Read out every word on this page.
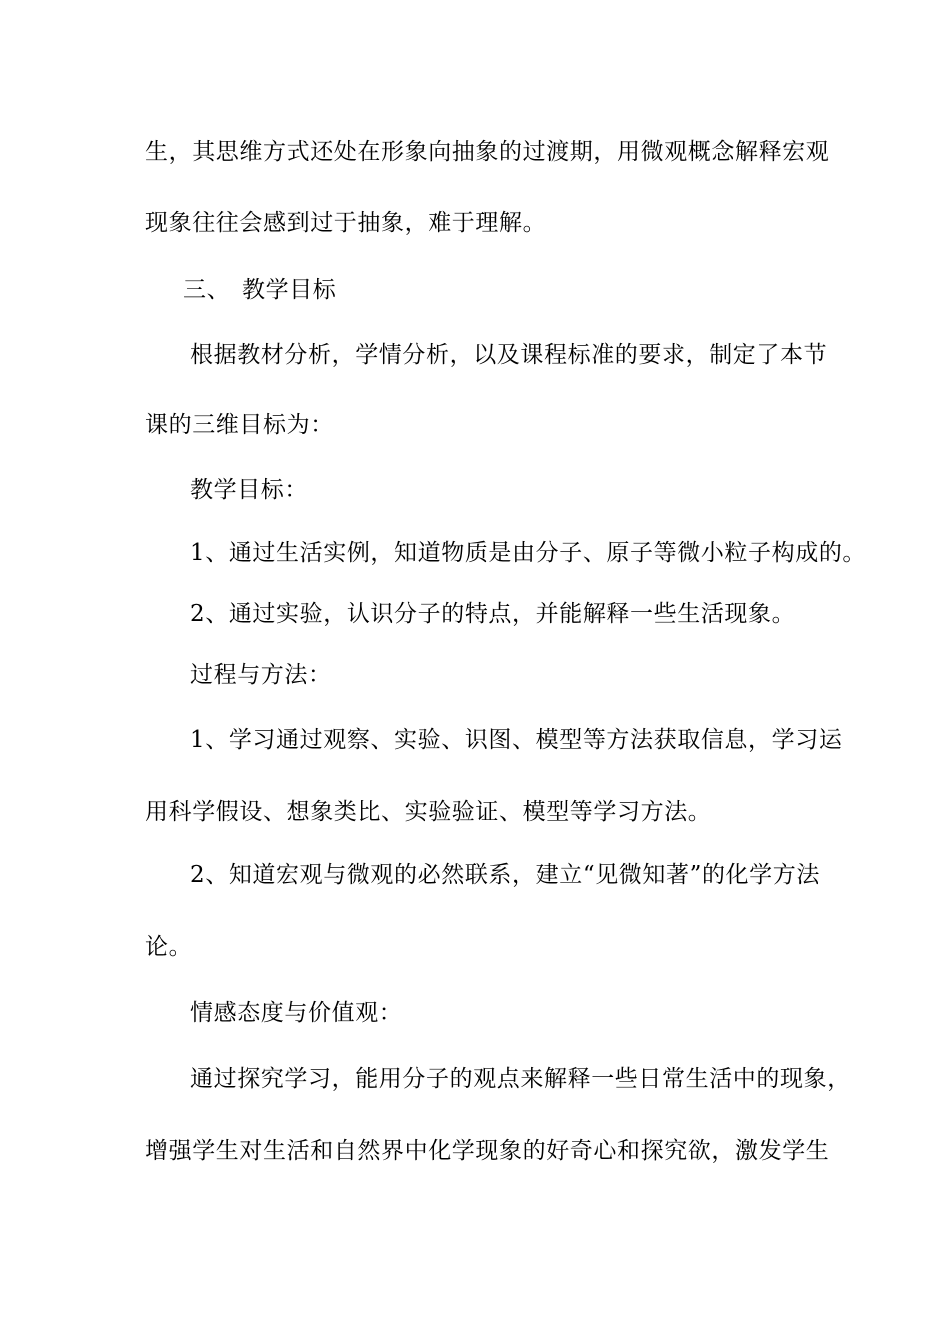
生，其思维方式还处在形象向抽象的过渡期，用微观概念解释宏观
现象往往会感到过于抽象，难于理解。
三、 教学目标
根据教材分析，学情分析，以及课程标准的要求，制定了本节
课的三维目标为：
教学目标：
1、通过生活实例，知道物质是由分子、原子等微小粒子构成的。
2、通过实验，认识分子的特点，并能解释一些生活现象。
过程与方法：
1、学习通过观察、实验、识图、模型等方法获取信息，学习运
用科学假设、想象类比、实验验证、模型等学习方法。
2、知道宏观与微观的必然联系，建立“见微知著”的化学方法
论。
情感态度与价值观：
通过探究学习，能用分子的观点来解释一些日常生活中的现象，
增强学生对生活和自然界中化学现象的好奇心和探究欲，激发学生
